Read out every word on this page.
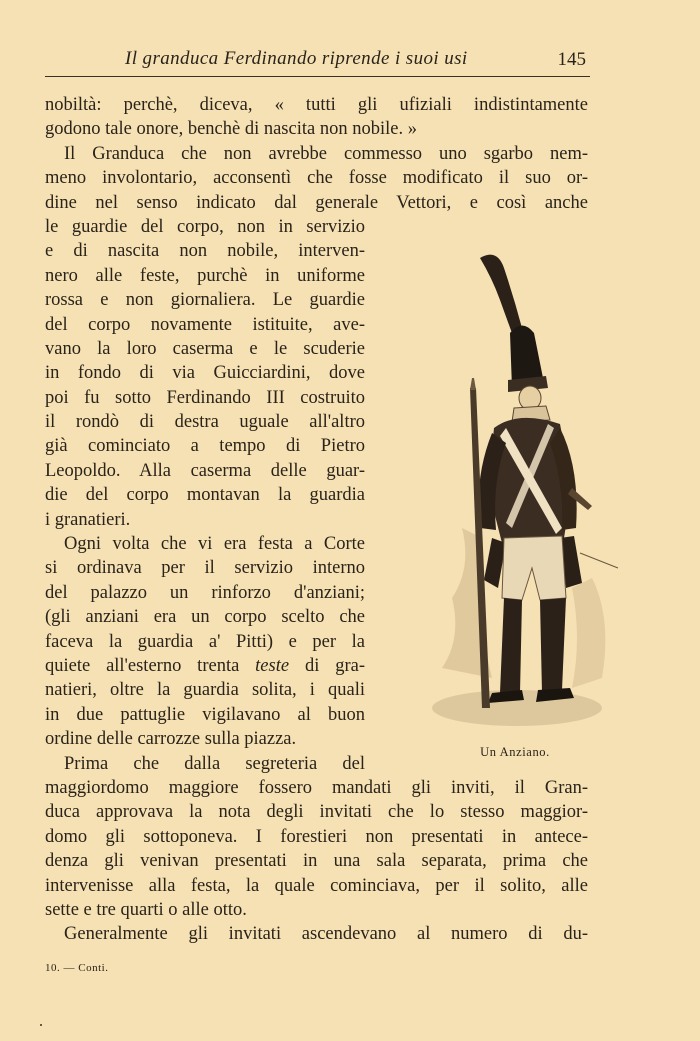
Il granduca Ferdinando riprende i suoi usi	145
nobiltà: perchè, diceva, « tutti gli ufiziali indistintamente
godono tale onore, benchè di nascita non nobile. »
Il Granduca che non avrebbe commesso uno sgarbo nem-
meno involontario, acconsentì che fosse modificato il suo or-
dine nel senso indicato dal generale Vettori, e così anche
le guardie del corpo, non in servizio
e di nascita non nobile, interven-
nero alle feste, purchè in uniforme
rossa e non giornaliera. Le guardie
del corpo novamente istituite, ave-
vano la loro caserma e le scuderie
in fondo di via Guicciardini, dove
poi fu sotto Ferdinando III costruito
il rondò di destra uguale all'altro
già cominciato a tempo di Pietro
Leopoldo. Alla caserma delle guar-
die del corpo montavan la guardia
i granatieri.
Ogni volta che vi era festa a Corte
si ordinava per il servizio interno
del palazzo un rinforzo d'anziani;
(gli anziani era un corpo scelto che
faceva la guardia a' Pitti) e per la
quiete all'esterno trenta teste di gra-
natieri, oltre la guardia solita, i quali
in due pattuglie vigilavano al buon
ordine delle carrozze sulla piazza.
Prima che dalla segreteria del
maggiordomo maggiore fossero mandati gli inviti, il Gran-
duca approvava la nota degli invitati che lo stesso maggior-
domo gli sottoponeva. I forestieri non presentati in antece-
denza gli venivan presentati in una sala separata, prima che
intervenisse alla festa, la quale cominciava, per il solito, alle
sette e tre quarti o alle otto.
Generalmente gli invitati ascendevano al numero di du-
Un Anziano.
10. — Conti.
